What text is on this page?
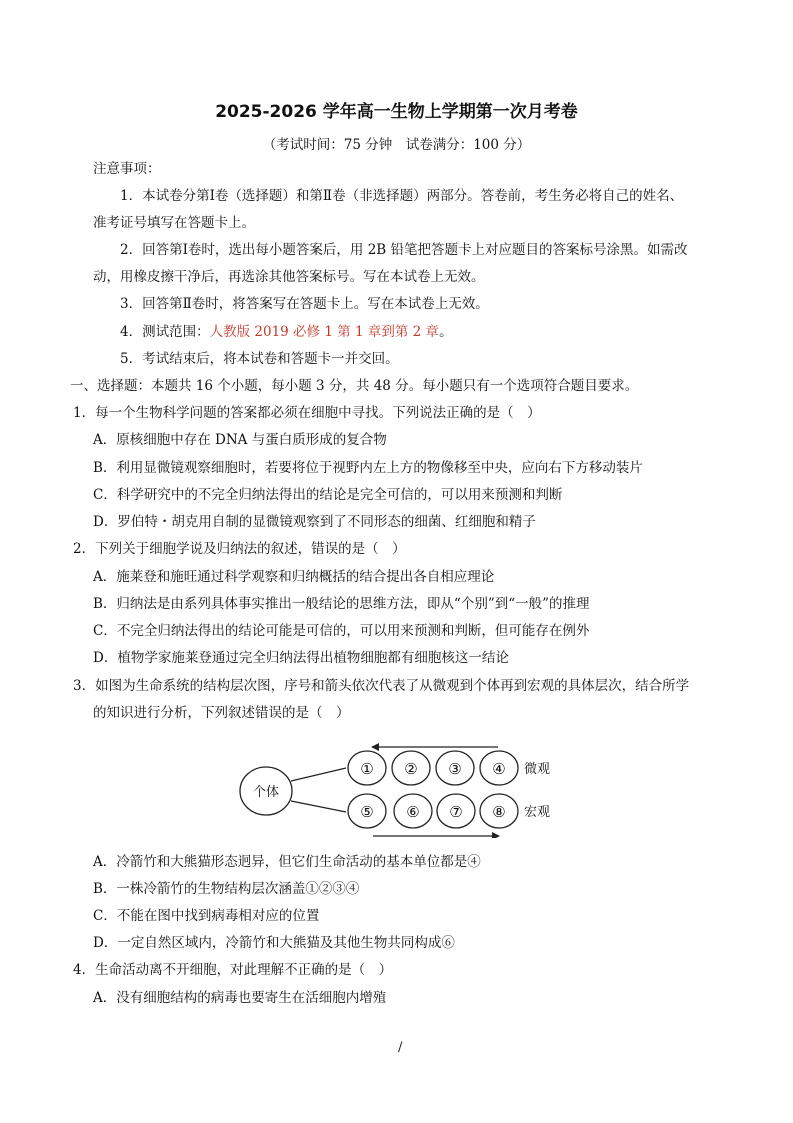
2025-2026 学年高一生物上学期第一次月考卷
（考试时间：75 分钟　试卷满分：100 分）
注意事项：
1．本试卷分第Ⅰ卷（选择题）和第Ⅱ卷（非选择题）两部分。答卷前，考生务必将自己的姓名、
准考证号填写在答题卡上。
2．回答第Ⅰ卷时，选出每小题答案后，用 2B 铅笔把答题卡上对应题目的答案标号涂黑。如需改
动，用橡皮擦干净后，再选涂其他答案标号。写在本试卷上无效。
3．回答第Ⅱ卷时，将答案写在答题卡上。写在本试卷上无效。
4．测试范围：人教版 2019 必修 1 第 1 章到第 2 章。
5．考试结束后，将本试卷和答题卡一并交回。
一、选择题：本题共 16 个小题，每小题 3 分，共 48 分。每小题只有一个选项符合题目要求。
1．每一个生物科学问题的答案都必须在细胞中寻找。下列说法正确的是（　）
A．原核细胞中存在 DNA 与蛋白质形成的复合物
B．利用显微镜观察细胞时，若要将位于视野内左上方的物像移至中央，应向右下方移动装片
C．科学研究中的不完全归纳法得出的结论是完全可信的，可以用来预测和判断
D．罗伯特・胡克用自制的显微镜观察到了不同形态的细菌、红细胞和精子
2．下列关于细胞学说及归纳法的叙述，错误的是（　）
A．施莱登和施旺通过科学观察和归纳概括的结合提出各自相应理论
B．归纳法是由系列具体事实推出一般结论的思维方法，即从“个别”到“一般”的推理
C．不完全归纳法得出的结论可能是可信的，可以用来预测和判断，但可能存在例外
D．植物学家施莱登通过完全归纳法得出植物细胞都有细胞核这一结论
3．如图为生命系统的结构层次图，序号和箭头依次代表了从微观到个体再到宏观的具体层次，结合所学
的知识进行分析，下列叙述错误的是（　）
个体
① ② ③ ④ 微观
⑤ ⑥ ⑦ ⑧ 宏观
A．冷箭竹和大熊猫形态迥异，但它们生命活动的基本单位都是④
B．一株冷箭竹的生物结构层次涵盖①②③④
C．不能在图中找到病毒相对应的位置
D．一定自然区域内，冷箭竹和大熊猫及其他生物共同构成⑥
4．生命活动离不开细胞，对此理解不正确的是（　）
A．没有细胞结构的病毒也要寄生在活细胞内增殖
/
